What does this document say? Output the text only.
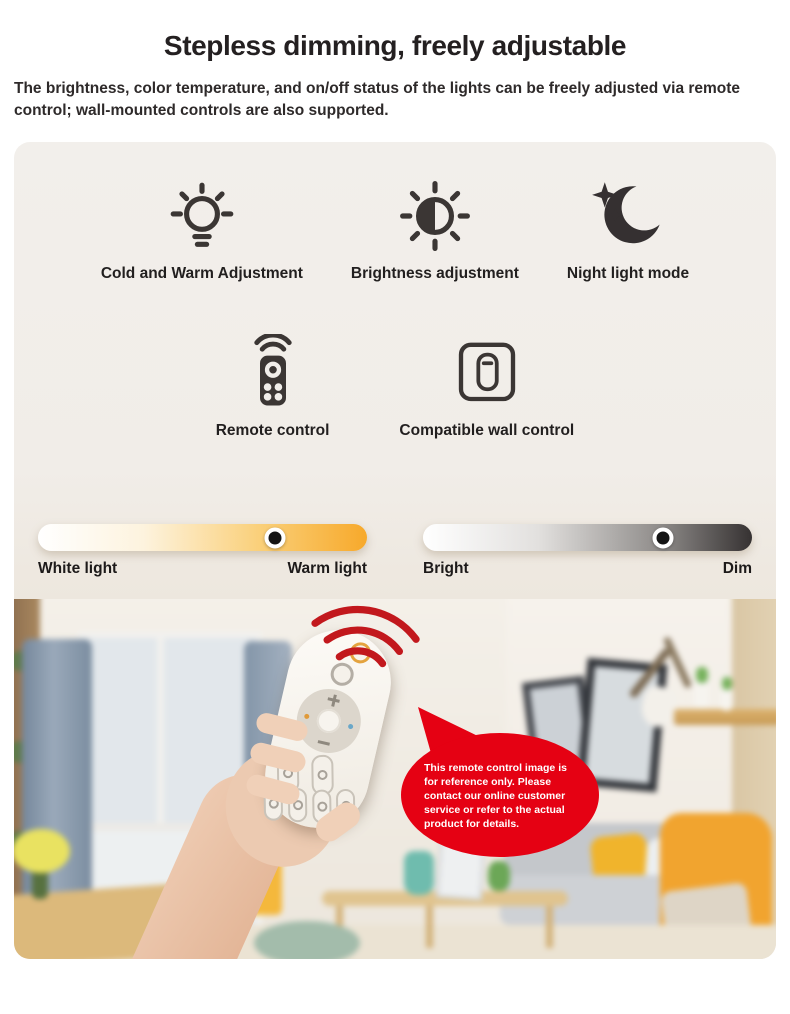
Stepless dimming, freely adjustable

The brightness, color temperature, and on/off status of the lights can be freely adjusted via remote control; wall-mounted controls are also supported.

Cold and Warm Adjustment	Brightness adjustment	Night light mode
Remote control	Compatible wall control
White light	Warm light	Bright	Dim
This remote control image is for reference only. Please contact our online customer service or refer to the actual product for details.
